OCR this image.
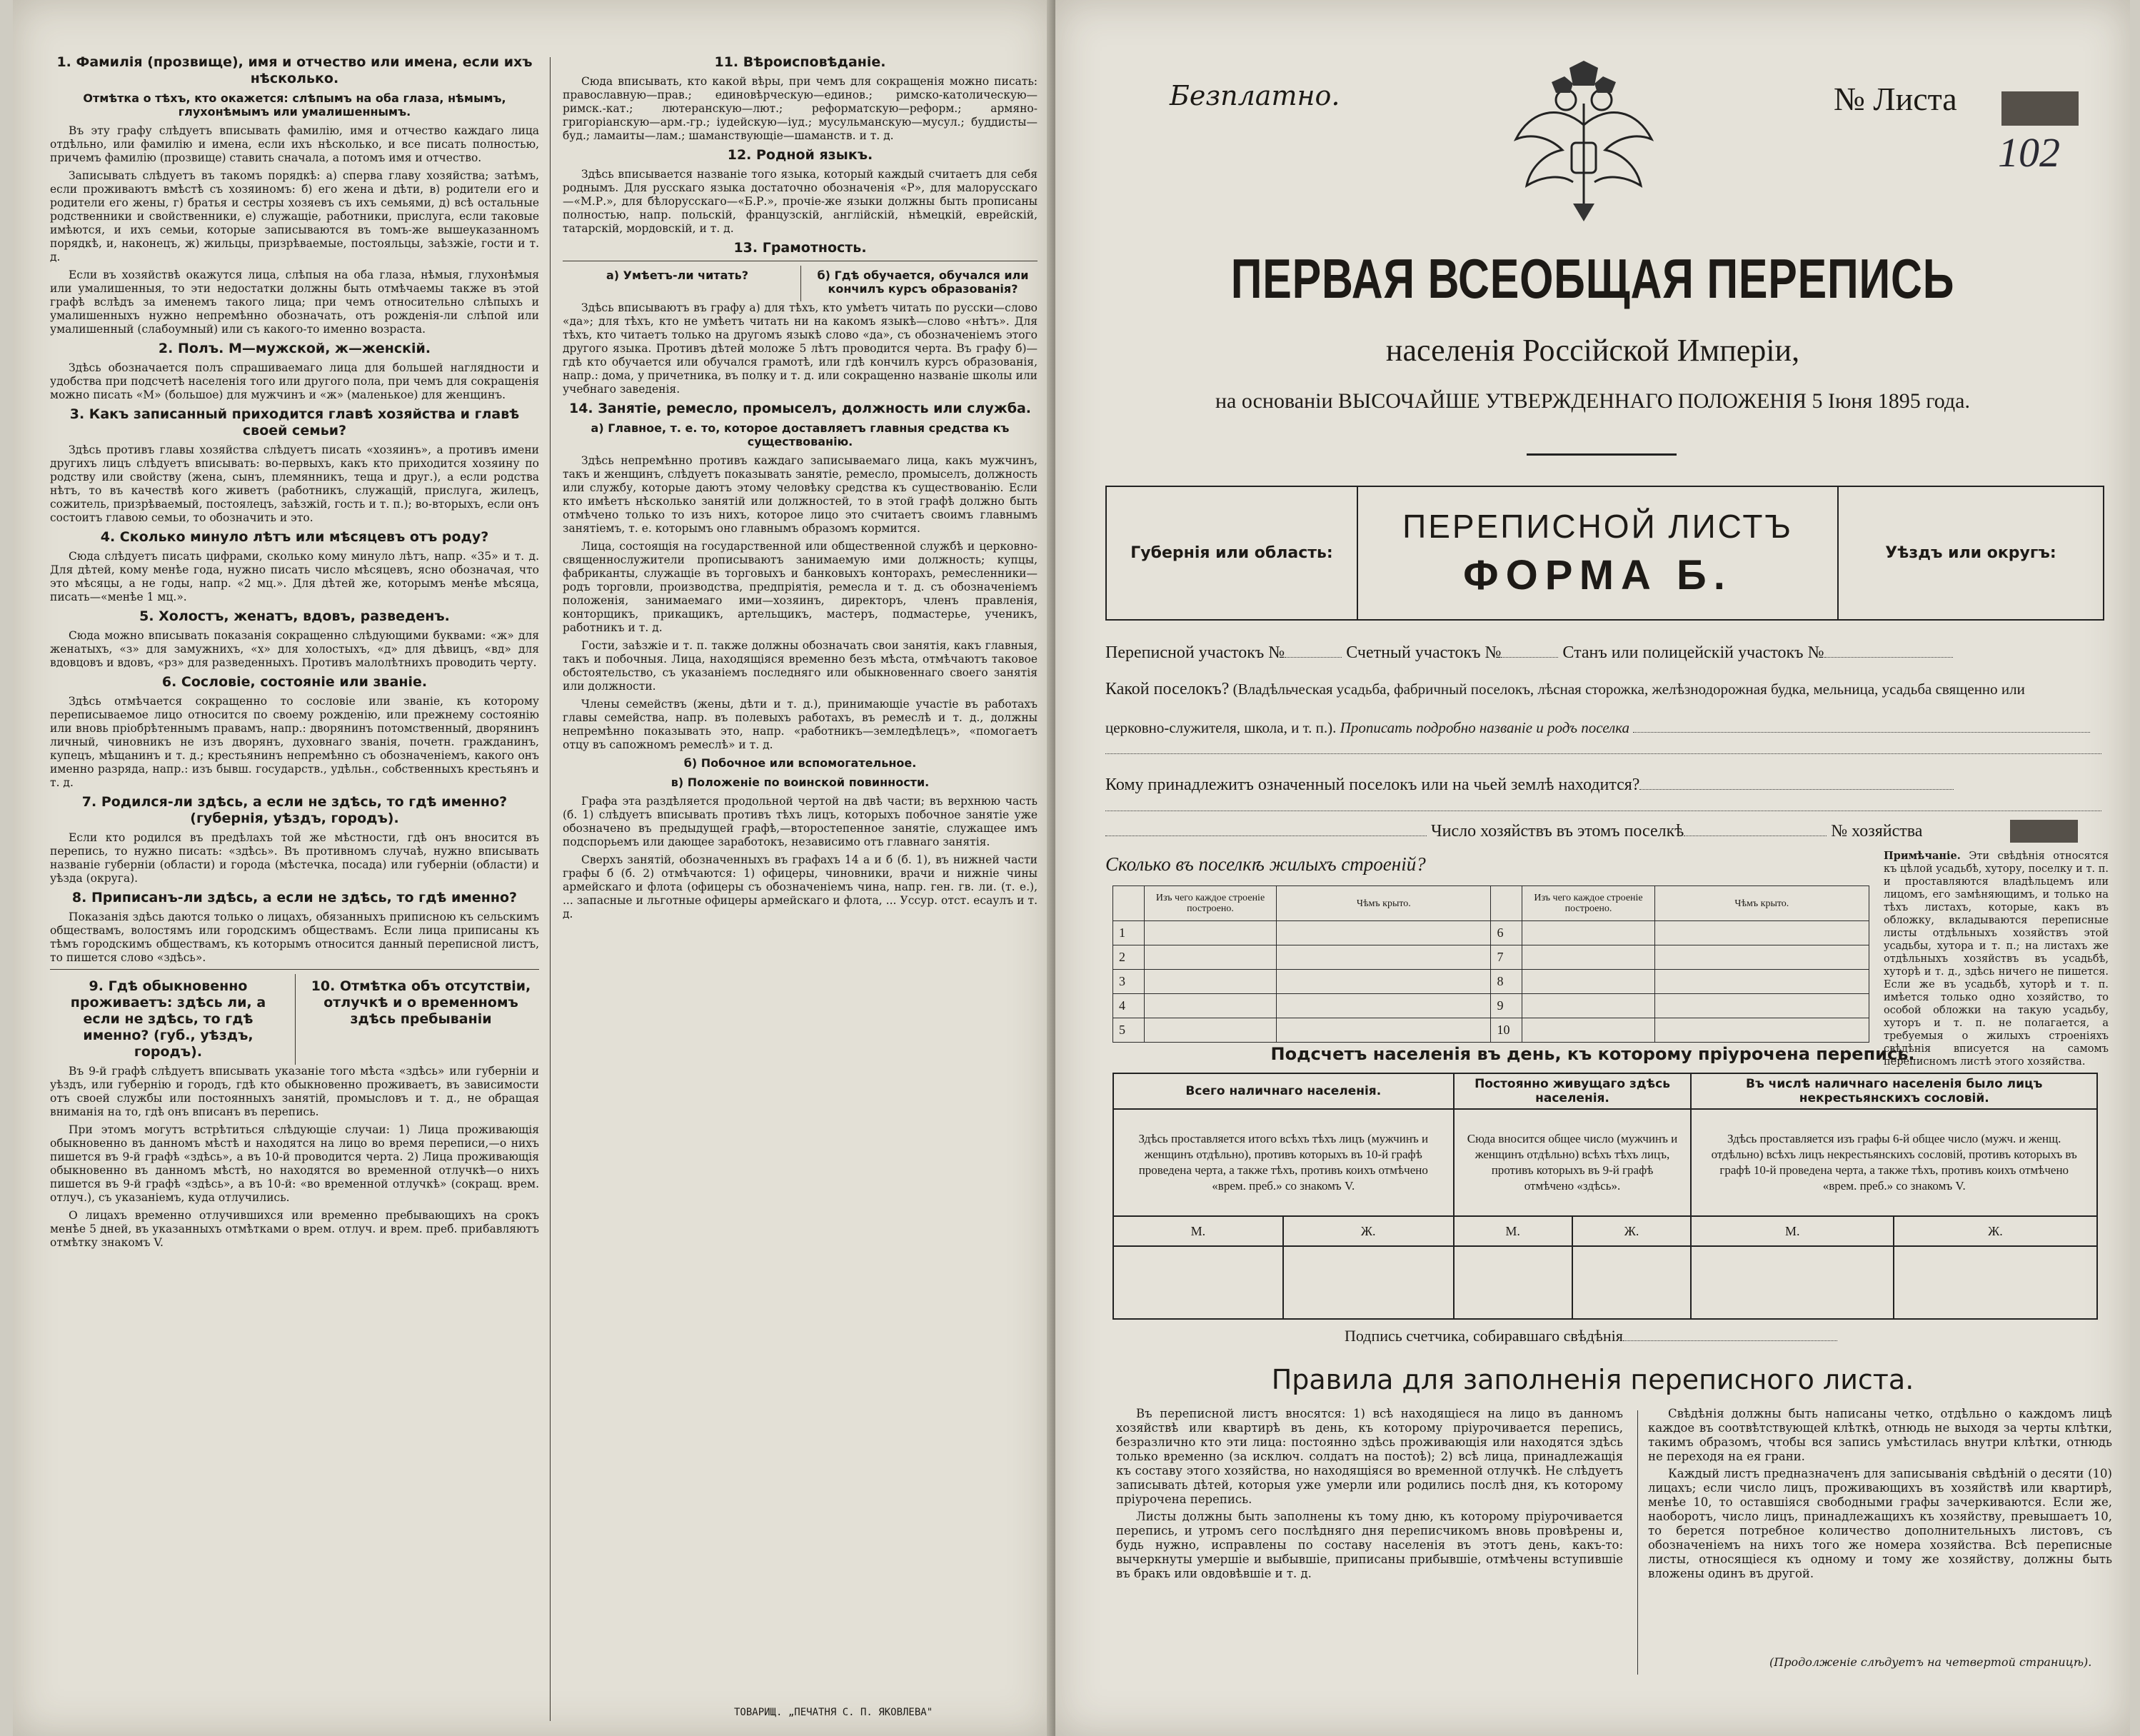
1. Фамилія (прозвище), имя и отчество или имена, если ихъ нѣсколько.
Отмѣтка о тѣхъ, кто окажется: слѣпымъ на оба глаза, нѣмымъ, глухонѣмымъ или умалишеннымъ.

Въ эту графу слѣдуетъ вписывать фамилію, имя и отчество каждаго лица отдѣльно, или фамилію и имена, если ихъ нѣсколько, и все писать полностью, причемъ фамилію (прозвище) ставить сначала, а потомъ имя и отчество.

Записывать слѣдуетъ въ такомъ порядкѣ: а) сперва главу хозяйства; затѣмъ, если проживаютъ вмѣстѣ съ хозяиномъ: б) его жена и дѣти, в) родители его и родители его жены, г) братья и сестры хозяевъ съ ихъ семьями, д) всѣ остальные родственники и свойственники, е) служащіе, работники, прислуга, если таковые имѣются, и ихъ семьи, которые записываются въ томъ-же вышеуказанномъ порядкѣ, и, наконецъ, ж) жильцы, призрѣваемые, постояльцы, заѣзжіе, гости и т. д.

Если въ хозяйствѣ окажутся лица, слѣпыя на оба глаза, нѣмыя, глухонѣмыя или умалишенныя, то эти недостатки должны быть отмѣчаемы также въ этой графѣ вслѣдъ за именемъ такого лица; при чемъ относительно слѣпыхъ и умалишенныхъ нужно непремѣнно обозначать, отъ рожденія-ли слѣпой или умалишенный (слабоумный) или съ какого-то именно возраста.

2. Полъ. М—мужской, ж—женскій.

Здѣсь обозначается полъ спрашиваемаго лица для большей наглядности и удобства при подсчетѣ населенія того или другого пола, при чемъ для сокращенія можно писать «М» (большое) для мужчинъ и «ж» (маленькое) для женщинъ.

3. Какъ записанный приходится главѣ хозяйства и главѣ своей семьи?

Здѣсь противъ главы хозяйства слѣдуетъ писать «хозяинъ», а противъ имени другихъ лицъ слѣдуетъ вписывать: во-первыхъ, какъ кто приходится хозяину по родству или свойству (жена, сынъ, племянникъ, теща и друг.), а если родства нѣтъ, то въ качествѣ кого живетъ (работникъ, служащій, прислуга, жилецъ, сожитель, призрѣваемый, постоялецъ, заѣзжій, гость и т. п.); во-вторыхъ, если онъ состоитъ главою семьи, то обозначить и это.

4. Сколько минуло лѣтъ или мѣсяцевъ отъ роду?

Сюда слѣдуетъ писать цифрами, сколько кому минуло лѣтъ, напр. «35» и т. д. Для дѣтей, кому менѣе года, нужно писать число мѣсяцевъ, ясно обозначая, что это мѣсяцы, а не годы, напр. «2 мц.». Для дѣтей же, которымъ менѣе мѣсяца, писать—«менѣе 1 мц.».

5. Холостъ, женатъ, вдовъ, разведенъ.

Сюда можно вписывать показанія сокращенно слѣдующими буквами: «ж» для женатыхъ, «з» для замужнихъ, «х» для холостыхъ, «д» для дѣвицъ, «вд» для вдовцовъ и вдовъ, «рз» для разведенныхъ. Противъ малолѣтнихъ проводить черту.

6. Сословіе, состояніе или званіе.

Здѣсь отмѣчается сокращенно то сословіе или званіе, къ которому переписываемое лицо относится по своему рожденію, или прежнему состоянію или вновь пріобрѣтеннымъ правамъ, напр.: дворянинъ потомственный, дворянинъ личный, чиновникъ не изъ дворянъ, духовнаго званія, почетн. гражданинъ, купецъ, мѣщанинъ и т. д.; крестьянинъ непремѣнно съ обозначеніемъ, какого онъ именно разряда, напр.: изъ бывш. государств., удѣльн., собственныхъ крестьянъ и т. д.

7. Родился-ли здѣсь, а если не здѣсь, то гдѣ именно? (губернія, уѣздъ, городъ).

Если кто родился въ предѣлахъ той же мѣстности, гдѣ онъ вносится въ перепись, то нужно писать: «здѣсь». Въ противномъ случаѣ, нужно вписывать названіе губерніи (области) и города (мѣстечка, посада) или губерніи (области) и уѣзда (округа).

8. Приписанъ-ли здѣсь, а если не здѣсь, то гдѣ именно?

Показанія здѣсь даются только о лицахъ, обязанныхъ приписною къ сельскимъ обществамъ, волостямъ или городскимъ обществамъ. Если лица приписаны къ тѣмъ городскимъ обществамъ, къ которымъ относится данный переписной листъ, то пишется слово «здѣсь».

9. Гдѣ обыкновенно проживаетъ: здѣсь ли, а если не здѣсь, то гдѣ именно? (губ., уѣздъ, городъ).
10. Отмѣтка объ отсутствіи, отлучкѣ и о временномъ здѣсь пребываніи

Въ 9-й графѣ слѣдуетъ вписывать указаніе того мѣста «здѣсь» или губерніи и уѣздъ, или губернію и городъ, гдѣ кто обыкновенно проживаетъ, въ зависимости отъ своей службы или постоянныхъ занятій, промысловъ и т. д., не обращая вниманія на то, гдѣ онъ вписанъ въ перепись.

При этомъ могутъ встрѣтиться слѣдующіе случаи: 1) Лица проживающія обыкновенно въ данномъ мѣстѣ и находятся на лицо во время переписи,—о нихъ пишется въ 9-й графѣ «здѣсь», а въ 10-й проводится черта. 2) Лица проживающія обыкновенно въ данномъ мѣстѣ, но находятся во временной отлучкѣ—о нихъ пишется въ 9-й графѣ «здѣсь», а въ 10-й: «во временной отлучкѣ» (сокращ. врем. отлуч.), съ указаніемъ, куда отлучились.

О лицахъ временно отлучившихся или временно пребывающихъ на срокъ менѣе 5 дней, въ указанныхъ отмѣтками о врем. отлуч. и врем. преб. прибавляютъ отмѣтку знакомъ V.

11. Вѣроисповѣданіе.

Сюда вписывать, кто какой вѣры, при чемъ для сокращенія можно писать: православную—прав.; единовѣрческую—единов.; римско-католическую—римск.-кат.; лютеранскую—лют.; реформатскую—реформ.; армяно-григоріанскую—арм.-гр.; іудейскую—іуд.; мусульманскую—мусул.; буддисты—буд.; ламаиты—лам.; шаманствующіе—шаманств. и т. д.

12. Родной языкъ.

Здѣсь вписывается названіе того языка, который каждый считаетъ для себя роднымъ. Для русскаго языка достаточно обозначенія «Р», для малорусскаго—«М.Р.», для бѣлорусскаго—«Б.Р.», прочіе-же языки должны быть прописаны полностью, напр. польскій, французскій, англійскій, нѣмецкій, еврейскій, татарскій, мордовскій, и т. д.

13. Грамотность.
а) Умѣетъ-ли читать?	б) Гдѣ обучается, обучался или кончилъ курсъ образованія?

Здѣсь вписываютъ въ графу а) для тѣхъ, кто умѣетъ читать по русски—слово «да»; для тѣхъ, кто не умѣетъ читать ни на какомъ языкѣ—слово «нѣтъ». Для тѣхъ, кто читаетъ только на другомъ языкѣ слово «да», съ обозначеніемъ этого другого языка. Противъ дѣтей моложе 5 лѣтъ проводится черта. Въ графу б)—гдѣ кто обучается или обучался грамотѣ, или гдѣ кончилъ курсъ образованія, напр.: дома, у причетника, въ полку и т. д. или сокращенно названіе школы или учебнаго заведенія.

14. Занятіе, ремесло, промыселъ, должность или служба.
а) Главное, т. е. то, которое доставляетъ главныя средства къ существованію.

Здѣсь непремѣнно противъ каждаго записываемаго лица, какъ мужчинъ, такъ и женщинъ, слѣдуетъ показывать занятіе, ремесло, промыселъ, должность или службу, которые даютъ этому человѣку средства къ существованію. Если кто имѣетъ нѣсколько занятій или должностей, то в этой графѣ должно быть отмѣчено только то изъ нихъ, которое лицо это считаетъ своимъ главнымъ занятіемъ, т. е. которымъ оно главнымъ образомъ кормится.

Лица, состоящія на государственной или общественной службѣ и церковно-священнослужители прописываютъ занимаемую ими должность; купцы, фабриканты, служащіе въ торговыхъ и банковыхъ конторахъ, ремесленники—родъ торговли, производства, предпріятія, ремесла и т. д. съ обозначеніемъ положенія, занимаемаго ими—хозяинъ, директоръ, членъ правленія, конторщикъ, прикащикъ, артельщикъ, мастеръ, подмастерье, ученикъ, работникъ и т. д.

Гости, заѣзжіе и т. п. также должны обозначать свои занятія, какъ главныя, такъ и побочныя. Лица, находящіяся временно безъ мѣста, отмѣчаютъ таковое обстоятельство, съ указаніемъ последняго или обыкновеннаго своего занятія или должности.

Члены семействъ (жены, дѣти и т. д.), принимающіе участіе въ работахъ главы семейства, напр. въ полевыхъ работахъ, въ ремеслѣ и т. д., должны непремѣнно показывать это, напр. «работникъ—земледѣлецъ», «помогаетъ отцу въ сапожномъ ремеслѣ» и т. д.

б) Побочное или вспомогательное.
в) Положеніе по воинской повинности.

Графа эта раздѣляется продольной чертой на двѣ части; въ верхнюю часть (б. 1) слѣдуетъ вписывать противъ тѣхъ лицъ, которыхъ побочное занятіе уже обозначено въ предыдущей графѣ,—второстепенное занятіе, служащее имъ подспорьемъ или дающее заработокъ, независимо отъ главнаго занятія.

Сверхъ занятій, обозначенныхъ въ графахъ 14 а и б (б. 1), въ нижней части графы б (б. 2) отмѣчаются: 1) офицеры, чиновники, врачи и нижніе чины армейскаго и флота (офицеры съ обозначеніемъ чина, напр. ген. гв. ли. (т. е.), ... запасные и льготные офицеры армейскаго и флота, ... Уссур. отст. есаулъ и т. д.

ТОВАРИЩ. „ПЕЧАТНЯ С. П. ЯКОВЛЕВА"
Безплатно.	№ Листа
102
ПЕРВАЯ ВСЕОБЩАЯ ПЕРЕПИСЬ
населенія Россійской Имперіи,
на основаніи ВЫСОЧАЙШЕ УТВЕРЖДЕННАГО ПОЛОЖЕНІЯ 5 Іюня 1895 года.
Губернія или область:
ПЕРЕПИСНОЙ ЛИСТЪ
ФОРМА Б.	Уѣздъ или округъ:
Переписной участокъ №	Счетный участокъ №	Станъ или полицейскій участокъ №
Какой поселокъ? (Владѣльческая усадьба, фабричный поселокъ, лѣсная сторожка, желѣзнодорожная будка, мельница, усадьба священно или
церковно-служителя, школа, и т. п.). Прописать подробно названіе и родъ поселка
Кому принадлежитъ означенный поселокъ или на чьей землѣ находится?
Число хозяйствъ въ этомъ поселкѣ	№ хозяйства
Сколько въ поселкѣ жилыхъ строеній?
	Изъ чего каждое строеніе построено.	Чѣмъ крыто.		Изъ чего каждое строеніе построено.	Чѣмъ крыто.
1			6		
2			7		
3			8		
4			9		
5			10		
Примѣчаніе. Эти свѣдѣнія относятся къ цѣлой усадьбѣ, хутору, поселку и т. п. и проставляются владѣльцемъ или лицомъ, его замѣняющимъ, и только на тѣхъ листахъ, которые, какъ въ обложку, вкладываются переписные листы отдѣльныхъ хозяйствъ этой усадьбы, хутора и т. п.; на листахъ же отдѣльныхъ хозяйствъ въ усадьбѣ, хуторѣ и т. д., здѣсь ничего не пишется. Если же въ усадьбѣ, хуторѣ и т. п. имѣется только одно хозяйство, то особой обложки на такую усадьбу, хуторъ и т. п. не полагается, а требуемыя о жилыхъ строеніяхъ свѣдѣнія вписуется на самомъ переписномъ листѣ этого хозяйства.
Подсчетъ населенія въ день, къ которому пріурочена перепись.
Всего наличнаго населенія.		Постоянно живущаго здѣсь населенія.		Въ числѣ наличнаго населенія было лицъ некрестьянскихъ сословій.	
Здѣсь проставляется итого всѣхъ тѣхъ лицъ (мужчинъ и женщинъ отдѣльно), противъ которыхъ въ 10-й графѣ проведена черта, а также тѣхъ, противъ коихъ отмѣчено «врем. преб.» со знакомъ V.		Сюда вносится общее число (мужчинъ и женщинъ отдѣльно) всѣхъ тѣхъ лицъ, противъ которыхъ въ 9-й графѣ отмѣчено «здѣсь».		Здѣсь проставляется изъ графы 6-й общее число (мужч. и женщ. отдѣльно) всѣхъ лицъ некрестьянскихъ сословій, противъ которыхъ въ графѣ 10-й проведена черта, а также тѣхъ, противъ коихъ отмѣчено «врем. преб.» со знакомъ V.	
М.	Ж.	М.	Ж.	М.	Ж.

Подпись счетчика, собиравшаго свѣдѣнія
Правила для заполненія переписного листа.

Въ переписной листъ вносятся: 1) всѣ находящіеся на лицо въ данномъ хозяйствѣ или квартирѣ въ день, къ которому пріурочивается перепись, безразлично кто эти лица: постоянно здѣсь проживающія или находятся здѣсь только временно (за исключ. солдатъ на постоѣ); 2) всѣ лица, принадлежащія къ составу этого хозяйства, но находящіяся во временной отлучкѣ. Не слѣдуетъ записывать дѣтей, которыя уже умерли или родились послѣ дня, къ которому пріурочена перепись.

Листы должны быть заполнены къ тому дню, къ которому пріурочивается перепись, и утромъ сего послѣдняго дня переписчикомъ вновь провѣрены и, будь нужно, исправлены по составу населенія въ этотъ день, какъ-то: вычеркнуты умершіе и выбывшіе, приписаны прибывшіе, отмѣчены вступившіе въ бракъ или овдовѣвшіе и т. д.

Свѣдѣнія должны быть написаны четко, отдѣльно о каждомъ лицѣ каждое въ соотвѣтствующей клѣткѣ, отнюдь не выходя за черты клѣтки, такимъ образомъ, чтобы вся запись умѣстилась внутри клѣтки, отнюдь не переходя на ея грани.

Каждый листъ предназначенъ для записыванія свѣдѣній о десяти (10) лицахъ; если число лицъ, проживающихъ въ хозяйствѣ или квартирѣ, менѣе 10, то оставшіяся свободными графы зачеркиваются. Если же, наоборотъ, число лицъ, принадлежащихъ къ хозяйству, превышаетъ 10, то берется потребное количество дополнительныхъ листовъ, съ обозначеніемъ на нихъ того же номера хозяйства. Всѣ переписные листы, относящіеся къ одному и тому же хозяйству, должны быть вложены одинъ въ другой.

(Продолженіе слѣдуетъ на четвертой страницѣ).
